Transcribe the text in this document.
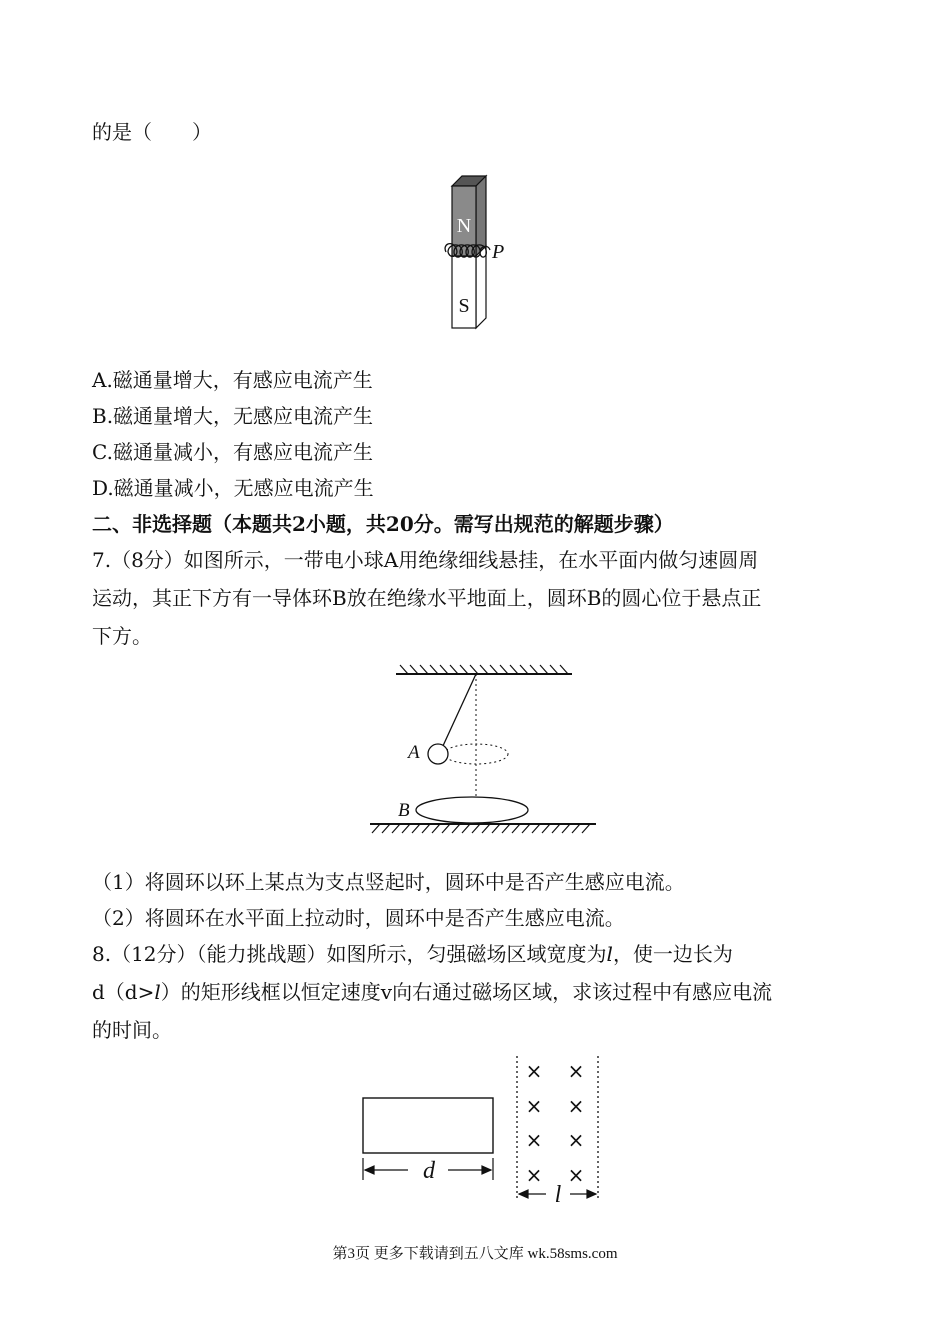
的是（　　）
N
S
P
A.磁通量增大，有感应电流产生
B.磁通量增大，无感应电流产生
C.磁通量减小，有感应电流产生
D.磁通量减小，无感应电流产生
二、非选择题（本题共2小题，共20分。需写出规范的解题步骤）
7.（8分）如图所示，一带电小球A用绝缘细线悬挂，在水平面内做匀速圆周
运动，其正下方有一导体环B放在绝缘水平地面上，圆环B的圆心位于悬点正
下方。
A
B
（1）将圆环以环上某点为支点竖起时，圆环中是否产生感应电流。
（2）将圆环在水平面上拉动时，圆环中是否产生感应电流。
8.（12分）（能力挑战题）如图所示，匀强磁场区域宽度为l，使一边长为
d（d>l）的矩形线框以恒定速度v向右通过磁场区域，求该过程中有感应电流
的时间。
d
× ×
× ×
× ×
× ×
l
第3页 更多下载请到五八文库 wk.58sms.com
